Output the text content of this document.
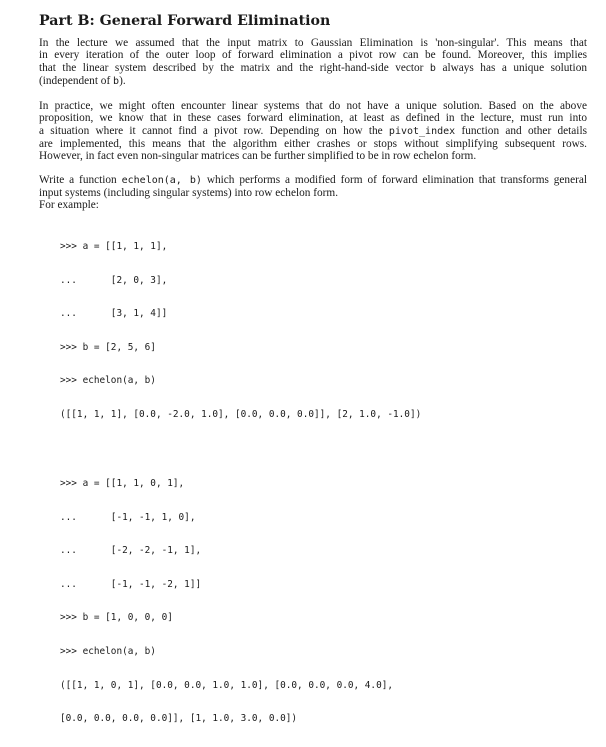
Part B: General Forward Elimination

In the lecture we assumed that the input matrix to Gaussian Elimination is 'non-singular'. This means that
in every iteration of the outer loop of forward elimination a pivot row can be found. Moreover, this implies
that the linear system described by the matrix and the right-hand-side vector b always has a unique solution
(independent of b).

In practice, we might often encounter linear systems that do not have a unique solution. Based on the above
proposition, we know that in these cases forward elimination, at least as defined in the lecture, must run into
a situation where it cannot find a pivot row. Depending on how the pivot_index function and other details
are implemented, this means that the algorithm either crashes or stops without simplifying subsequent rows.
However, in fact even non-singular matrices can be further simplified to be in row echelon form.

Write a function echelon(a, b) which performs a modified form of forward elimination that transforms general
input systems (including singular systems) into row echelon form.
For example:

>>> a = [[1, 1, 1],

...      [2, 0, 3],

...      [3, 1, 4]]

>>> b = [2, 5, 6]

>>> echelon(a, b)

([[1, 1, 1], [0.0, -2.0, 1.0], [0.0, 0.0, 0.0]], [2, 1.0, -1.0])

>>> a = [[1, 1, 0, 1],

...      [-1, -1, 1, 0],

...      [-2, -2, -1, 1],

...      [-1, -1, -2, 1]]

>>> b = [1, 0, 0, 0]

>>> echelon(a, b)

([[1, 1, 0, 1], [0.0, 0.0, 1.0, 1.0], [0.0, 0.0, 0.0, 4.0],

[0.0, 0.0, 0.0, 0.0]], [1, 1.0, 3.0, 0.0])
